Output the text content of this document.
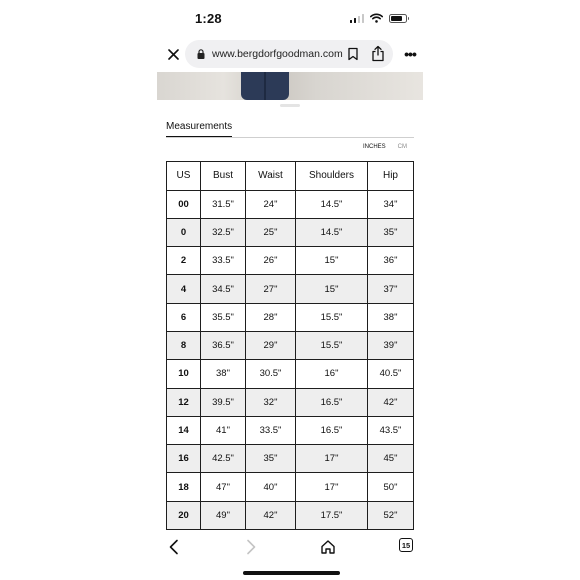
1:28
www.bergdorfgoodman.com	•••
Measurements
INCHES CM
US	Bust	Waist	Shoulders	Hip
00	31.5"	24"	14.5"	34"
0	32.5"	25"	14.5"	35"
2	33.5"	26"	15"	36"
4	34.5"	27"	15"	37"
6	35.5"	28"	15.5"	38"
8	36.5"	29"	15.5"	39"
10	38"	30.5"	16"	40.5"
12	39.5"	32"	16.5"	42"
14	41"	33.5"	16.5"	43.5"
16	42.5"	35"	17"	45"
18	47"	40"	17"	50"
20	49"	42"	17.5"	52"
15
